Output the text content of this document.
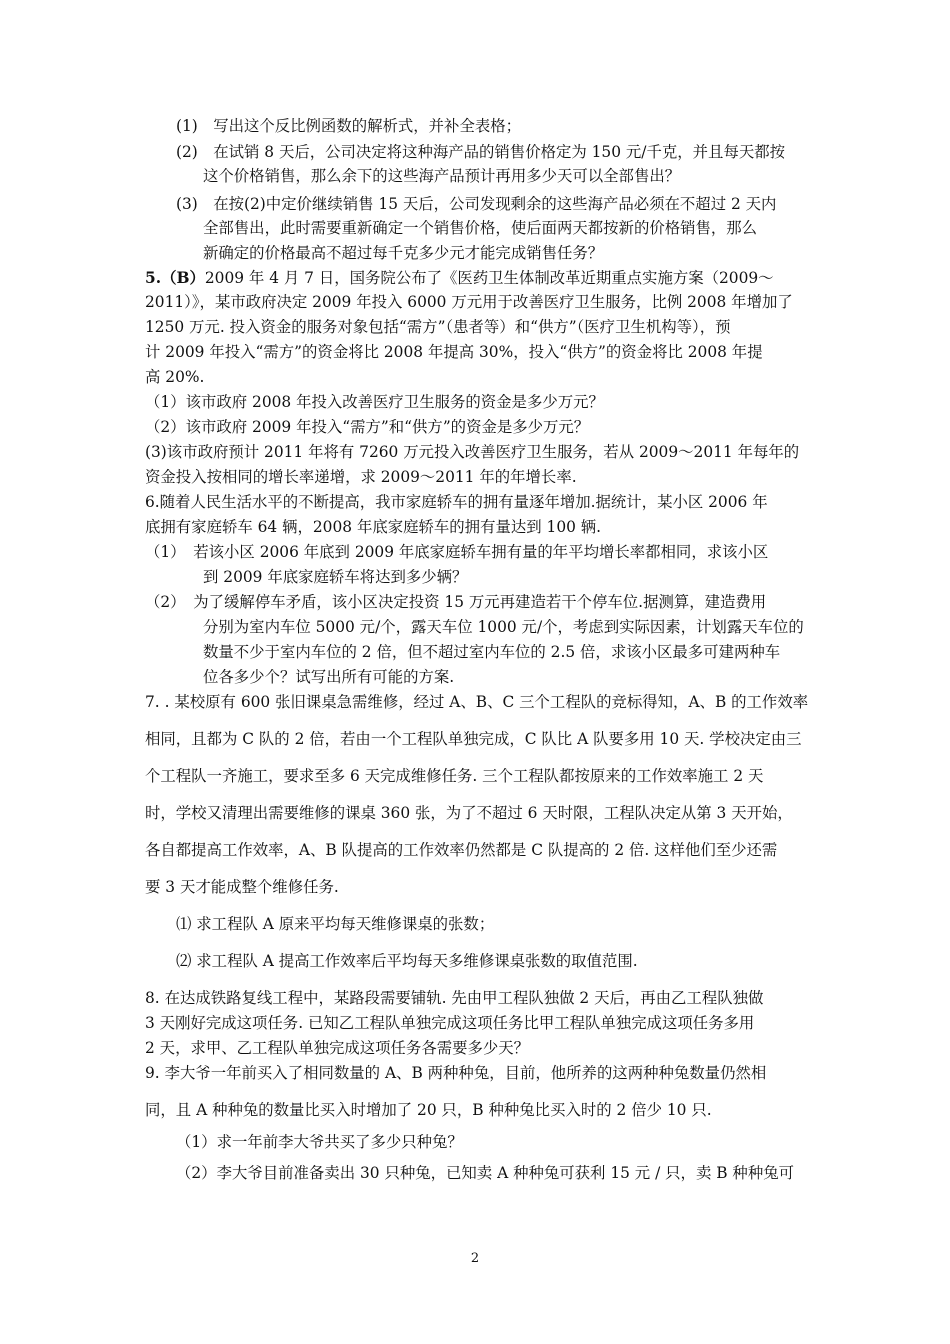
(1)　写出这个反比例函数的解析式，并补全表格；
(2)　在试销 8 天后，公司决定将这种海产品的销售价格定为 150 元/千克，并且每天都按
这个价格销售，那么余下的这些海产品预计再用多少天可以全部售出？
(3)　在按(2)中定价继续销售 15 天后，公司发现剩余的这些海产品必须在不超过 2 天内
全部售出，此时需要重新确定一个销售价格，使后面两天都按新的价格销售，那么
新确定的价格最高不超过每千克多少元才能完成销售任务？
5.（B）2009 年 4 月 7 日，国务院公布了《医药卫生体制改革近期重点实施方案（2009～
2011）》，某市政府决定 2009 年投入 6000 万元用于改善医疗卫生服务，比例 2008 年增加了
1250 万元. 投入资金的服务对象包括“需方”（患者等）和“供方”（医疗卫生机构等），预
计 2009 年投入“需方”的资金将比 2008 年提高 30%，投入“供方”的资金将比 2008 年提
高 20%.
（1）该市政府 2008 年投入改善医疗卫生服务的资金是多少万元？
（2）该市政府 2009 年投入“需方”和“供方”的资金是多少万元？
(3)该市政府预计 2011 年将有 7260 万元投入改善医疗卫生服务，若从 2009～2011 年每年的
资金投入按相同的增长率递增，求 2009～2011 年的年增长率.
6.随着人民生活水平的不断提高，我市家庭轿车的拥有量逐年增加.据统计，某小区 2006 年
底拥有家庭轿车 64 辆，2008 年底家庭轿车的拥有量达到 100 辆.
（1）　若该小区 2006 年底到 2009 年底家庭轿车拥有量的年平均增长率都相同，求该小区
到 2009 年底家庭轿车将达到多少辆？
（2）　为了缓解停车矛盾，该小区决定投资 15 万元再建造若干个停车位.据测算，建造费用
分别为室内车位 5000 元/个，露天车位 1000 元/个，考虑到实际因素，计划露天车位的
数量不少于室内车位的 2 倍，但不超过室内车位的 2.5 倍，求该小区最多可建两种车
位各多少个？试写出所有可能的方案.
7. . 某校原有 600 张旧课桌急需维修，经过 A、B、C 三个工程队的竞标得知，A、B 的工作效率
相同，且都为 C 队的 2 倍，若由一个工程队单独完成，C 队比 A 队要多用 10 天. 学校决定由三
个工程队一齐施工，要求至多 6 天完成维修任务. 三个工程队都按原来的工作效率施工 2 天
时，学校又清理出需要维修的课桌 360 张，为了不超过 6 天时限，工程队决定从第 3 天开始，
各自都提高工作效率，A、B 队提高的工作效率仍然都是 C 队提高的 2 倍. 这样他们至少还需
要 3 天才能成整个维修任务.
⑴ 求工程队 A 原来平均每天维修课桌的张数；
⑵ 求工程队 A 提高工作效率后平均每天多维修课桌张数的取值范围.
8. 在达成铁路复线工程中，某路段需要铺轨. 先由甲工程队独做 2 天后，再由乙工程队独做
3 天刚好完成这项任务. 已知乙工程队单独完成这项任务比甲工程队单独完成这项任务多用
2 天，求甲、乙工程队单独完成这项任务各需要多少天？
9. 李大爷一年前买入了相同数量的 A、B 两种种兔，目前，他所养的这两种种兔数量仍然相
同，且 A 种种兔的数量比买入时增加了 20 只，B 种种兔比买入时的 2 倍少 10 只.
（1）求一年前李大爷共买了多少只种兔？
（2）李大爷目前准备卖出 30 只种兔，已知卖 A 种种兔可获利 15 元 / 只，卖 B 种种兔可
2
